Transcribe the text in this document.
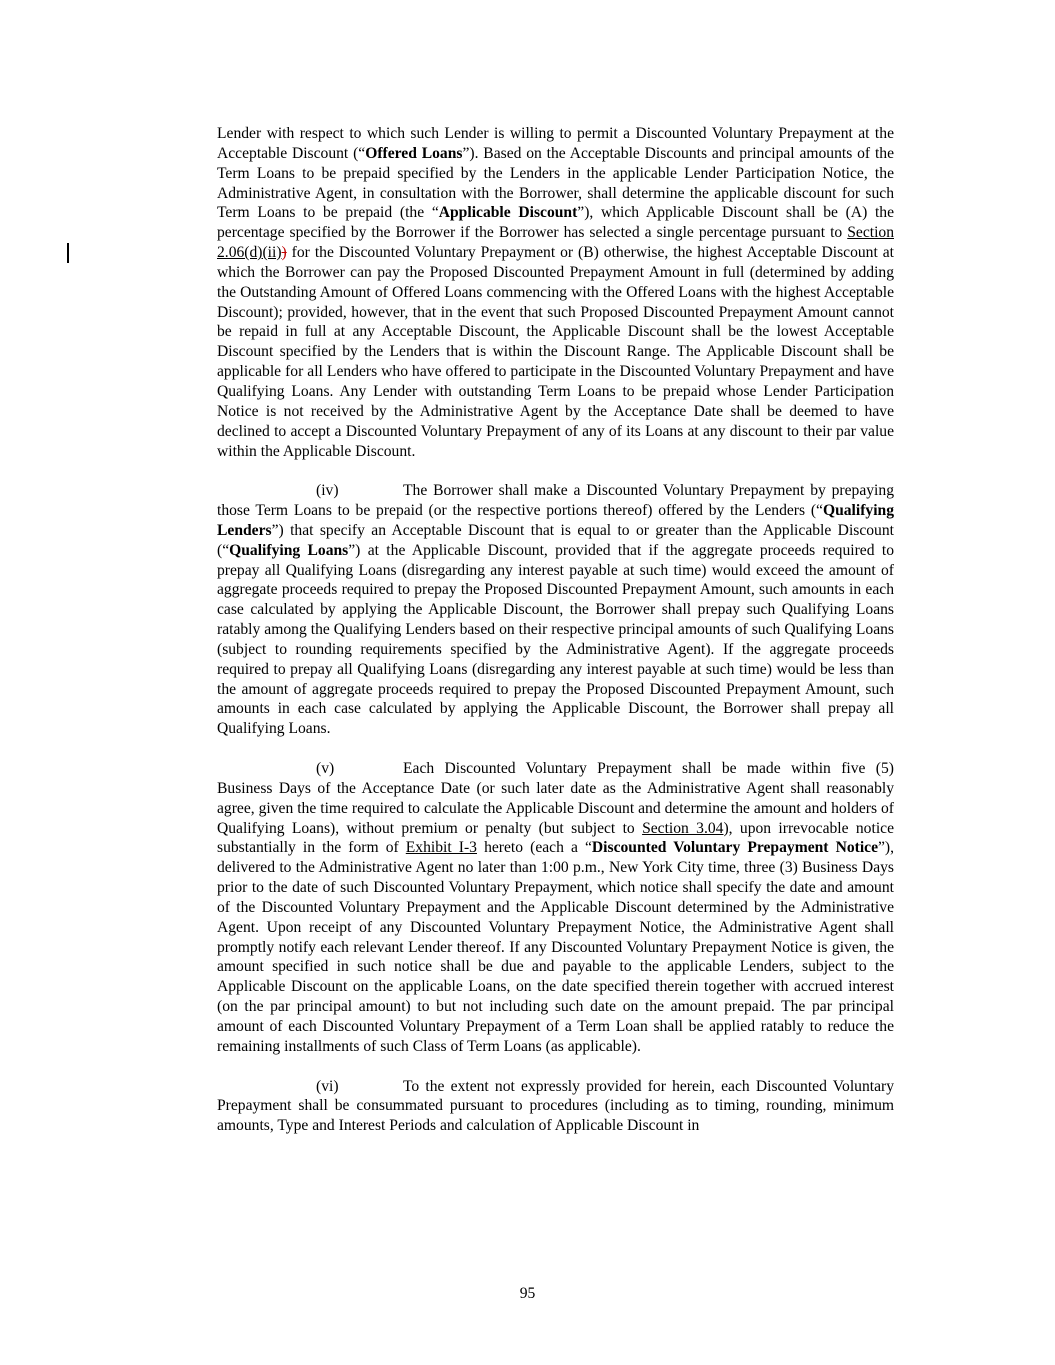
Lender with respect to which such Lender is willing to permit a Discounted Voluntary Prepayment at the Acceptable Discount (“Offered Loans”). Based on the Acceptable Discounts and principal amounts of the Term Loans to be prepaid specified by the Lenders in the applicable Lender Participation Notice, the Administrative Agent, in consultation with the Borrower, shall determine the applicable discount for such Term Loans to be prepaid (the “Applicable Discount”), which Applicable Discount shall be (A) the percentage specified by the Borrower if the Borrower has selected a single percentage pursuant to Section 2.06(d)(ii)) for the Discounted Voluntary Prepayment or (B) otherwise, the highest Acceptable Discount at which the Borrower can pay the Proposed Discounted Prepayment Amount in full (determined by adding the Outstanding Amount of Offered Loans commencing with the Offered Loans with the highest Acceptable Discount); provided, however, that in the event that such Proposed Discounted Prepayment Amount cannot be repaid in full at any Acceptable Discount, the Applicable Discount shall be the lowest Acceptable Discount specified by the Lenders that is within the Discount Range. The Applicable Discount shall be applicable for all Lenders who have offered to participate in the Discounted Voluntary Prepayment and have Qualifying Loans. Any Lender with outstanding Term Loans to be prepaid whose Lender Participation Notice is not received by the Administrative Agent by the Acceptance Date shall be deemed to have declined to accept a Discounted Voluntary Prepayment of any of its Loans at any discount to their par value within the Applicable Discount.

(iv)	The Borrower shall make a Discounted Voluntary Prepayment by prepaying those Term Loans to be prepaid (or the respective portions thereof) offered by the Lenders (“Qualifying Lenders”) that specify an Acceptable Discount that is equal to or greater than the Applicable Discount (“Qualifying Loans”) at the Applicable Discount, provided that if the aggregate proceeds required to prepay all Qualifying Loans (disregarding any interest payable at such time) would exceed the amount of aggregate proceeds required to prepay the Proposed Discounted Prepayment Amount, such amounts in each case calculated by applying the Applicable Discount, the Borrower shall prepay such Qualifying Loans ratably among the Qualifying Lenders based on their respective principal amounts of such Qualifying Loans (subject to rounding requirements specified by the Administrative Agent). If the aggregate proceeds required to prepay all Qualifying Loans (disregarding any interest payable at such time) would be less than the amount of aggregate proceeds required to prepay the Proposed Discounted Prepayment Amount, such amounts in each case calculated by applying the Applicable Discount, the Borrower shall prepay all Qualifying Loans.

(v)	Each Discounted Voluntary Prepayment shall be made within five (5) Business Days of the Acceptance Date (or such later date as the Administrative Agent shall reasonably agree, given the time required to calculate the Applicable Discount and determine the amount and holders of Qualifying Loans), without premium or penalty (but subject to Section 3.04), upon irrevocable notice substantially in the form of Exhibit I-3 hereto (each a “Discounted Voluntary Prepayment Notice”), delivered to the Administrative Agent no later than 1:00 p.m., New York City time, three (3) Business Days prior to the date of such Discounted Voluntary Prepayment, which notice shall specify the date and amount of the Discounted Voluntary Prepayment and the Applicable Discount determined by the Administrative Agent. Upon receipt of any Discounted Voluntary Prepayment Notice, the Administrative Agent shall promptly notify each relevant Lender thereof. If any Discounted Voluntary Prepayment Notice is given, the amount specified in such notice shall be due and payable to the applicable Lenders, subject to the Applicable Discount on the applicable Loans, on the date specified therein together with accrued interest (on the par principal amount) to but not including such date on the amount prepaid. The par principal amount of each Discounted Voluntary Prepayment of a Term Loan shall be applied ratably to reduce the remaining installments of such Class of Term Loans (as applicable).

(vi)	To the extent not expressly provided for herein, each Discounted Voluntary Prepayment shall be consummated pursuant to procedures (including as to timing, rounding, minimum amounts, Type and Interest Periods and calculation of Applicable Discount in

95
